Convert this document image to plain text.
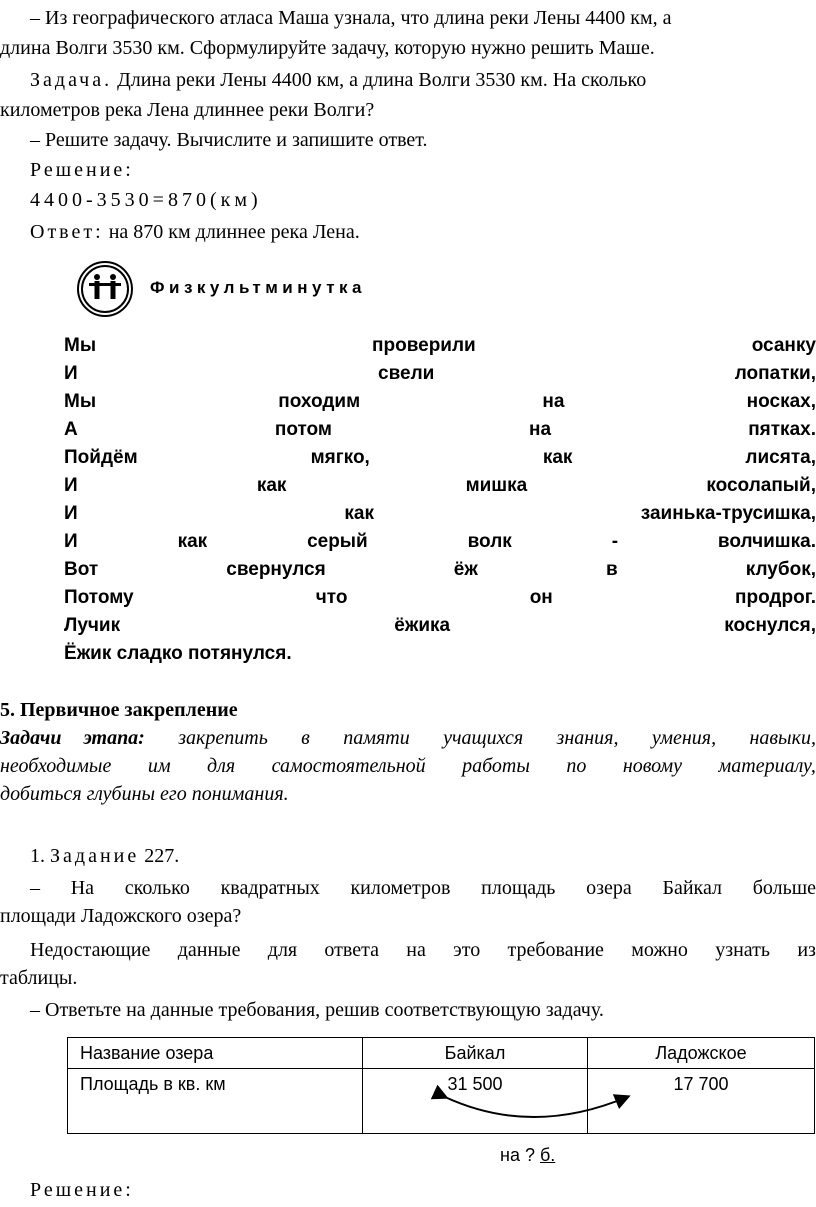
– Из географического атласа Маша узнала, что длина реки Лены 4400 км, а
длина Волги 3530 км. Сформулируйте задачу, которую нужно решить Маше.
Задача. Длина реки Лены 4400 км, а длина Волги 3530 км. На сколько
километров река Лена длиннее реки Волги?
– Решите задачу. Вычислите и запишите ответ.
Решение:
4400-3530=870(км)
Ответ: на 870 км длиннее река Лена.
Физкультминутка
Мы	проверили	осанку
И	свели	лопатки,
Мы	походим	на	носках,
А	потом	на	пятках.
Пойдём	мягко,	как	лисята,
И	как	мишка	косолапый,
И	как	заинька-трусишка,
И	как	серый	волк	-	волчишка.
Вот	свернулся	ёж	в	клубок,
Потому	что	он	продрог.
Лучик	ёжика	коснулся,
Ёжик сладко потянулся.
5. Первичное закрепление
Задачи этапа: закрепить в памяти учащихся знания, умения, навыки,
необходимые им для самостоятельной работы по новому материалу,
добиться глубины его понимания.
1. Задание 227.
– На сколько квадратных километров площадь озера Байкал больше
площади Ладожского озера?
Недостающие данные для ответа на это требование можно узнать из
таблицы.
– Ответьте на данные требования, решив соответствующую задачу.
Название озера	Байкал	Ладожское
Площадь в кв. км	31 500	17 700
на ? б.
Решение:
